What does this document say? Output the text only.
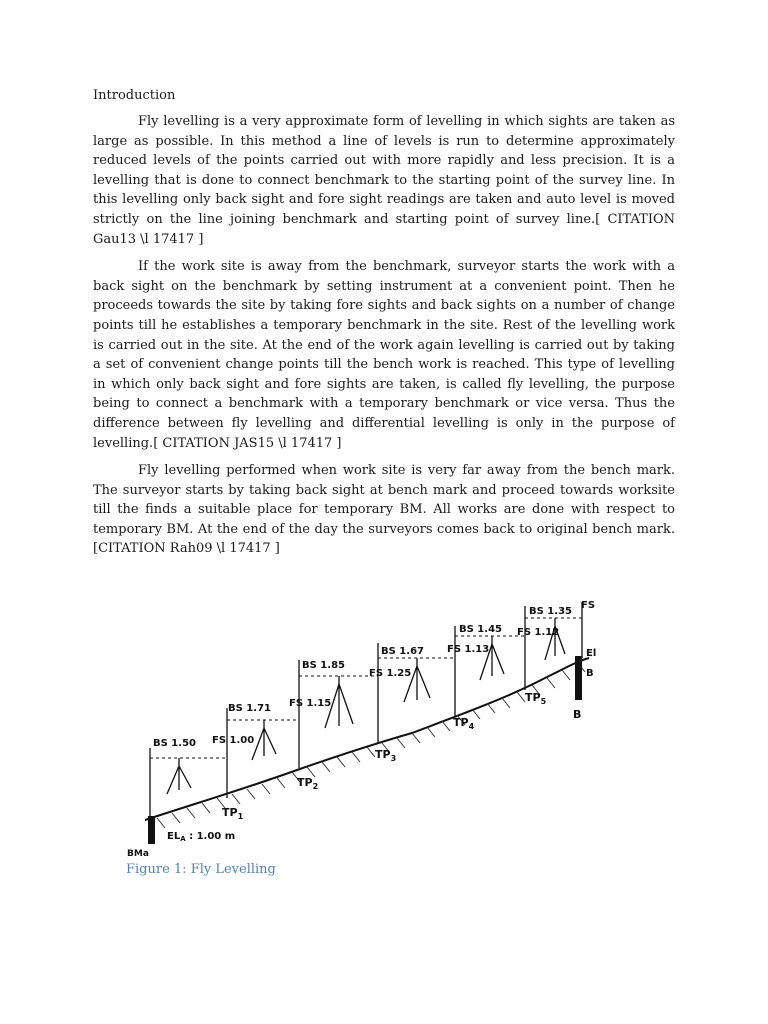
Introduction

Fly levelling is a very approximate form of levelling in which sights are taken as large as possible. In this method a line of levels is run to determine approximately reduced levels of the points carried out with more rapidly and less precision. It is a levelling that is done to connect benchmark to the starting point of the survey line. In this levelling only back sight and fore sight readings are taken and auto level is moved strictly on the line joining benchmark and starting point of survey line.[ CITATION Gau13 \l 17417 ]

If the work site is away from the benchmark, surveyor starts the work with a back sight on the benchmark by setting instrument at a convenient point. Then he proceeds towards the site by taking fore sights and back sights on a number of change points till he establishes a temporary benchmark in the site. Rest of the levelling work is carried out in the site. At the end of the work again levelling is carried out by taking a set of convenient change points till the bench work is reached. This type of levelling in which only back sight and fore sights are taken, is called fly levelling, the purpose being to connect a benchmark with a temporary benchmark or vice versa. Thus the difference between fly levelling and differential levelling is only in the purpose of levelling.[ CITATION JAS15 \l 17417 ]

Fly levelling performed when work site is very far away from the bench mark. The surveyor starts by taking back sight at bench mark and proceed towards worksite till the finds a suitable place for temporary BM. All works are done with respect to temporary BM. At the end of the day the surveyors comes back to original bench mark.[CITATION Rah09 \l 17417 ]

BS 1.50 FS 1.00
BS 1.71 FS 1.15
BS 1.85
FS 1.25
BS 1.67 FS 1.13
BS 1.45 FS 1.12
BS 1.35
FS
$TP_1$
$TP_2$
$TP_3$
$TP_4$
$TP_5$
$EL_A$ : 1.00 m
BMa
El
B
B
Figure 1: Fly Levelling
